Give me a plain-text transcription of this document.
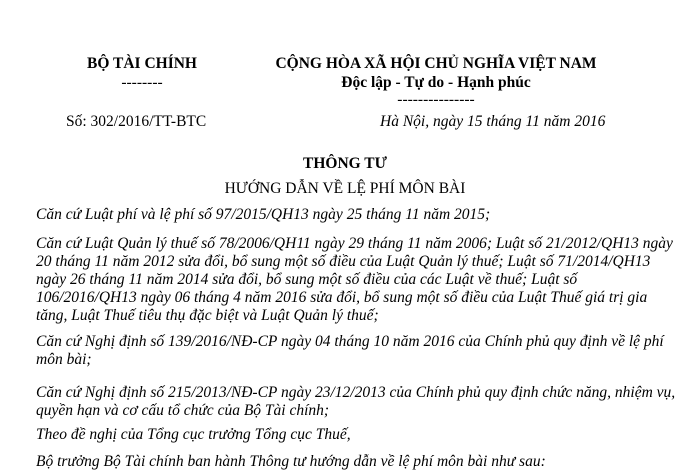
BỘ TÀI CHÍNH
--------
CỘNG HÒA XÃ HỘI CHỦ NGHĨA VIỆT NAM
Độc lập - Tự do - Hạnh phúc
---------------
Số: 302/2016/TT-BTC	Hà Nội, ngày 15 tháng 11 năm 2016
THÔNG TƯ
HƯỚNG DẪN VỀ LỆ PHÍ MÔN BÀI
Căn cứ Luật phí và lệ phí số 97/2015/QH13 ngày 25 tháng 11 năm 2015;
Căn cứ Luật Quản lý thuế số 78/2006/QH11 ngày 29 tháng 11 năm 2006; Luật số 21/2012/QH13 ngày 20 tháng 11 năm 2012 sửa đổi, bổ sung một số điều của Luật Quản lý thuế; Luật số 71/2014/QH13 ngày 26 tháng 11 năm 2014 sửa đổi, bổ sung một số điều của các Luật về thuế; Luật số 106/2016/QH13 ngày 06 tháng 4 năm 2016 sửa đổi, bổ sung một số điều của Luật Thuế giá trị gia tăng, Luật Thuế tiêu thụ đặc biệt và Luật Quản lý thuế;
Căn cứ Nghị định số 139/2016/NĐ-CP ngày 04 tháng 10 năm 2016 của Chính phủ quy định về lệ phí môn bài;
Căn cứ Nghị định số 215/2013/NĐ-CP ngày 23/12/2013 của Chính phủ quy định chức năng, nhiệm vụ, quyền hạn và cơ cấu tổ chức của Bộ Tài chính;
Theo đề nghị của Tổng cục trưởng Tổng cục Thuế,
Bộ trưởng Bộ Tài chính ban hành Thông tư hướng dẫn về lệ phí môn bài như sau:
